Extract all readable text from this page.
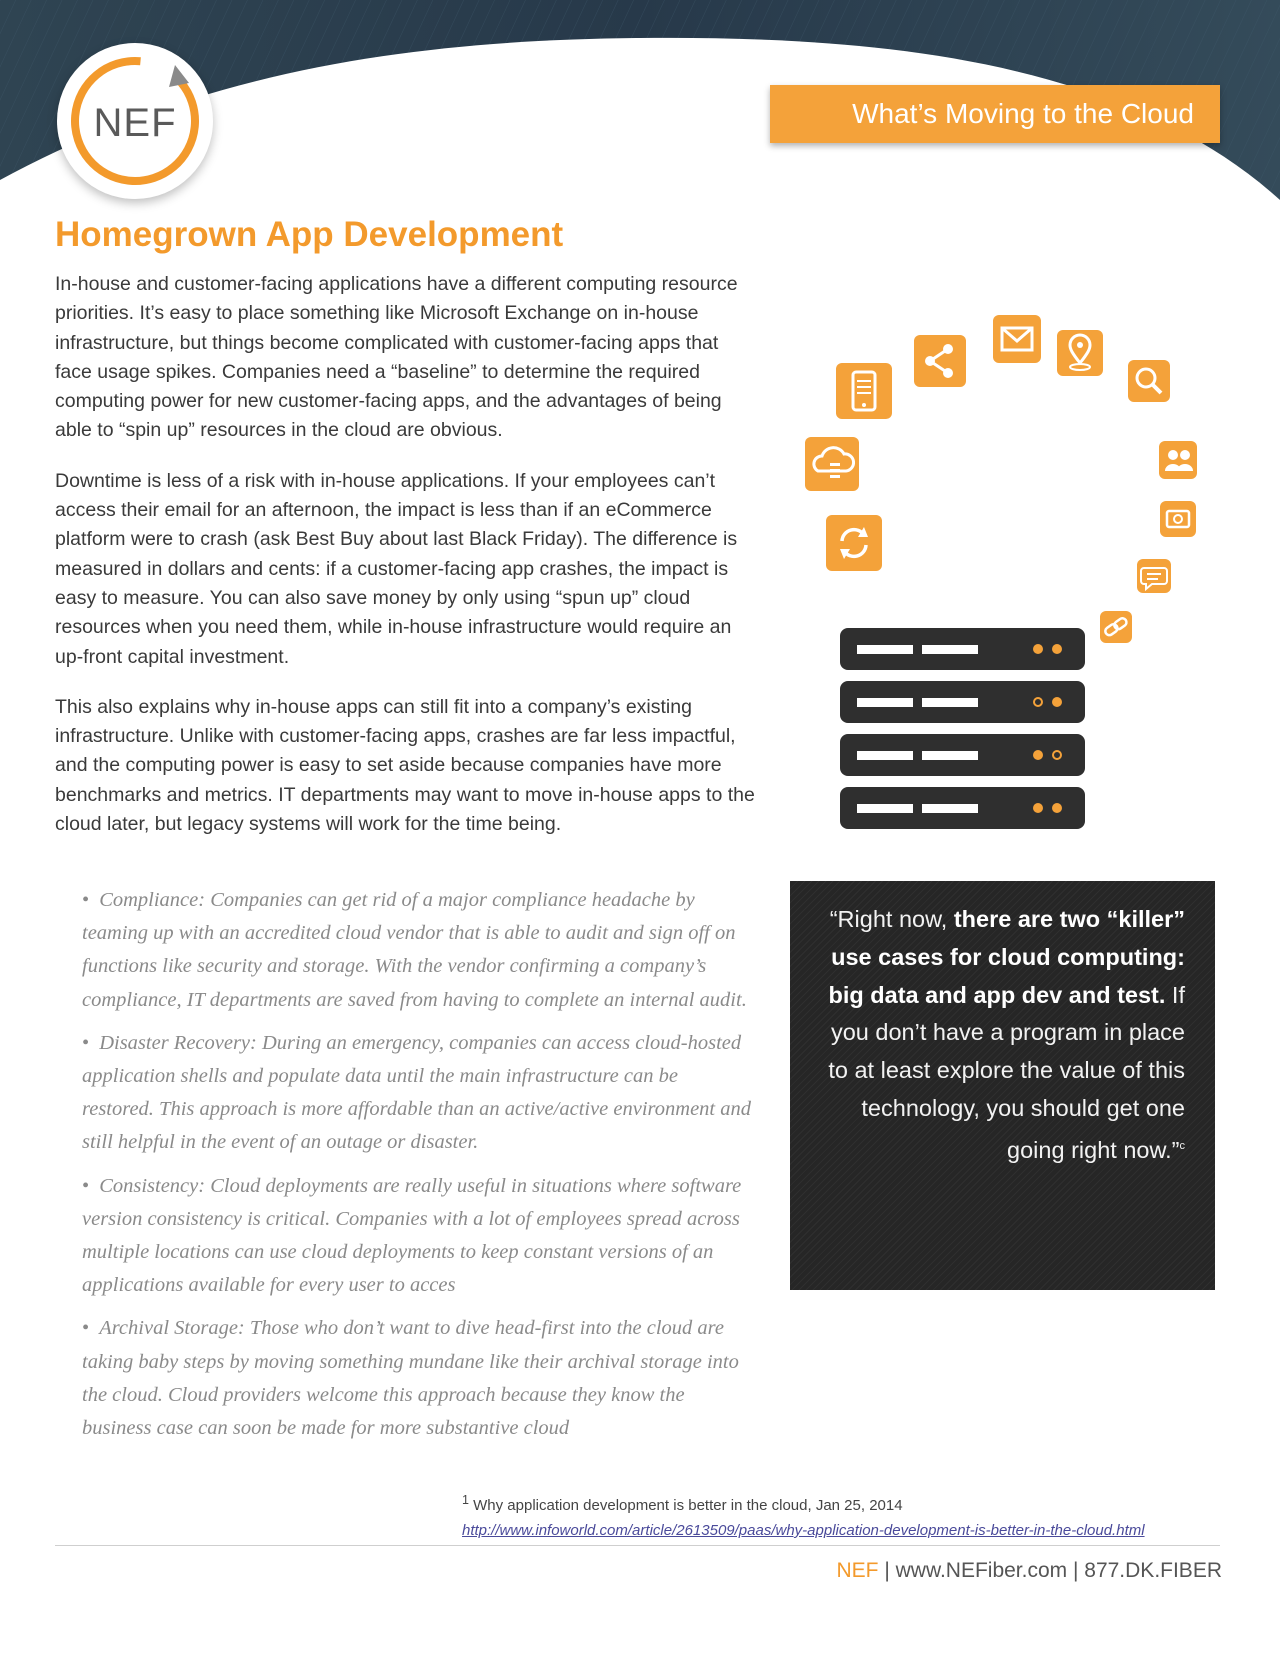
NEF	What’s Moving to the Cloud
Homegrown App Development

In-house and customer-facing applications have a different computing resource priorities. It’s easy to place something like Microsoft Exchange on in-house infrastructure, but things become complicated with customer-facing apps that face usage spikes. Companies need a “baseline” to determine the required computing power for new customer-facing apps, and the advantages of being able to “spin up” resources in the cloud are obvious.

Downtime is less of a risk with in-house applications. If your employees can’t access their email for an afternoon, the impact is less than if an eCommerce platform were to crash (ask Best Buy about last Black Friday). The difference is measured in dollars and cents: if a customer-facing app crashes, the impact is easy to measure. You can also save money by only using “spun up” cloud resources when you need them, while in-house infrastructure would require an up-front capital investment.

This also explains why in-house apps can still fit into a company’s existing infrastructure. Unlike with customer-facing apps, crashes are far less impactful, and the computing power is easy to set aside because companies have more benchmarks and metrics. IT departments may want to move in-house apps to the cloud later, but legacy systems will work for the time being.

• Compliance: Companies can get rid of a major compliance headache by teaming up with an accredited cloud vendor that is able to audit and sign off on functions like security and storage. With the vendor confirming a company’s compliance, IT departments are saved from having to complete an internal audit.
• Disaster Recovery: During an emergency, companies can access cloud-hosted application shells and populate data until the main infrastructure can be restored. This approach is more affordable than an active/active environment and still helpful in the event of an outage or disaster.
• Consistency: Cloud deployments are really useful in situations where software version consistency is critical. Companies with a lot of employees spread across multiple locations can use cloud deployments to keep constant versions of an applications available for every user to acces
• Archival Storage: Those who don’t want to dive head-first into the cloud are taking baby steps by moving something mundane like their archival storage into the cloud. Cloud providers welcome this approach because they know the business case can soon be made for more substantive cloud

“Right now, there are two “killer” use cases for cloud computing: big data and app dev and test. If you don’t have a program in place to at least explore the value of this technology, you should get one going right now.”$^c$

$^1$ Why application development is better in the cloud, Jan 25, 2014
http://www.infoworld.com/article/2613509/paas/why-application-development-is-better-in-the-cloud.html
NEF | www.NEFiber.com | 877.DK.FIBER
